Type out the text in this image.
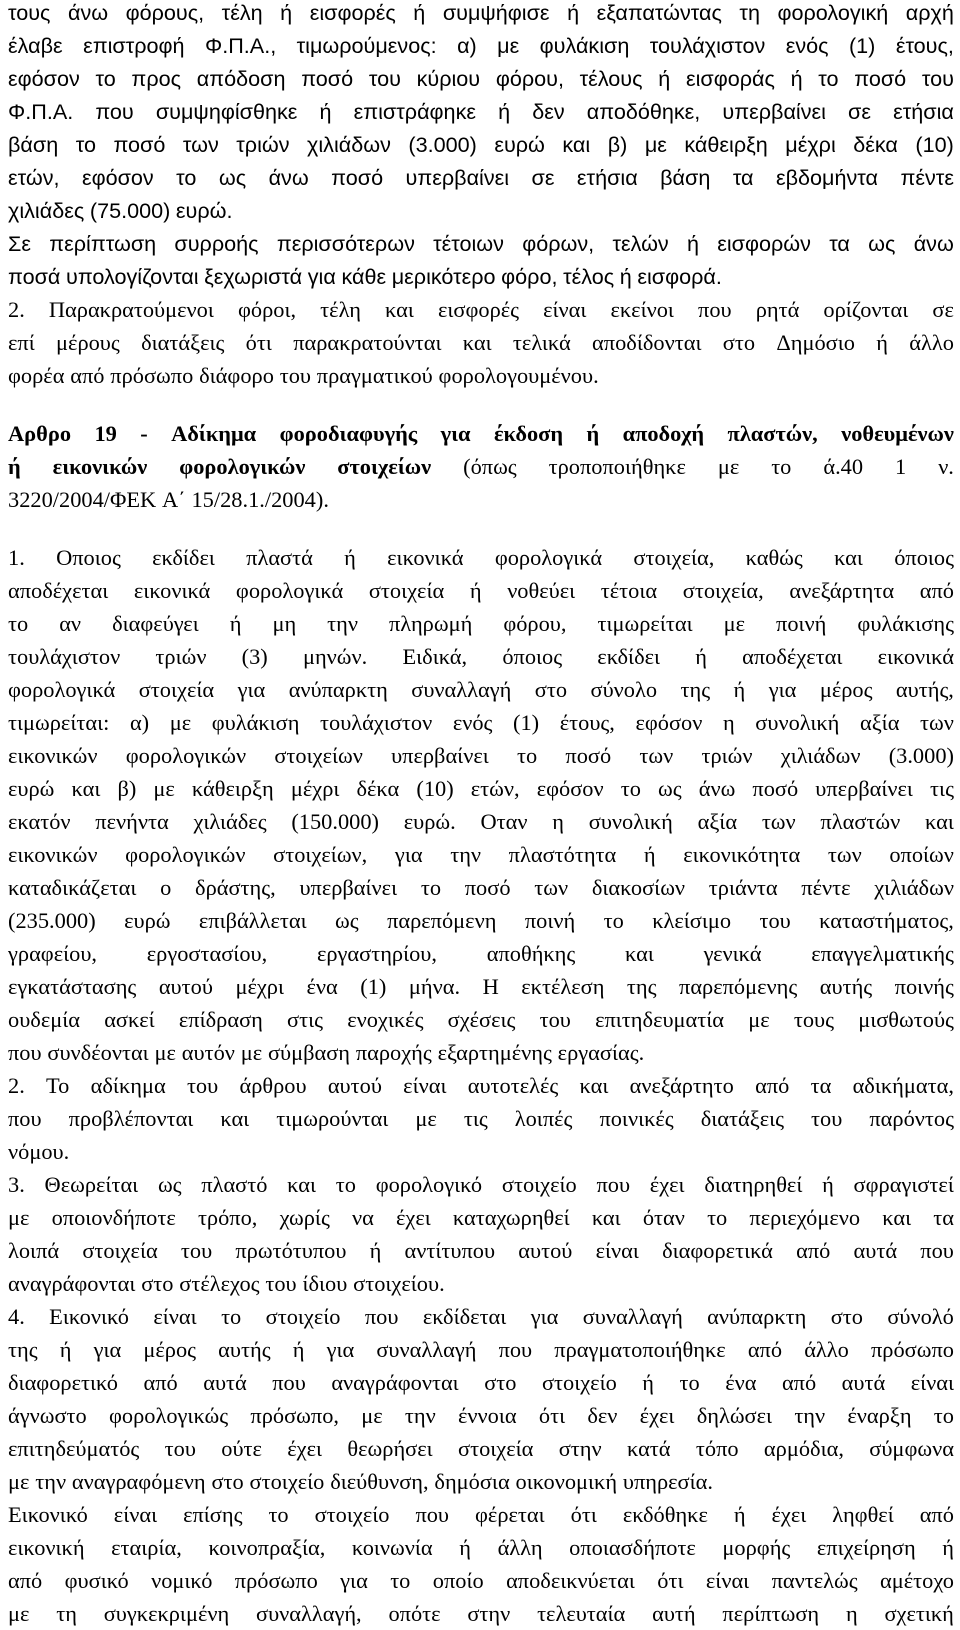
τους άνω φόρους, τέλη ή εισφορές ή συμψήφισε ή εξαπατώντας τη φορολογική αρχή
έλαβε επιστροφή Φ.Π.Α., τιμωρούμενος: α) με φυλάκιση τουλάχιστον ενός (1) έτους,
εφόσον το προς απόδοση ποσό του κύριου φόρου, τέλους ή εισφοράς ή το ποσό του
Φ.Π.Α. που συμψηφίσθηκε ή επιστράφηκε ή δεν αποδόθηκε, υπερβαίνει σε ετήσια
βάση το ποσό των τριών χιλιάδων (3.000) ευρώ και β) με κάθειρξη μέχρι δέκα (10)
ετών, εφόσον το ως άνω ποσό υπερβαίνει σε ετήσια βάση τα εβδομήντα πέντε
χιλιάδες (75.000) ευρώ.
Σε περίπτωση συρροής περισσότερων τέτοιων φόρων, τελών ή εισφορών τα ως άνω
ποσά υπολογίζονται ξεχωριστά για κάθε μερικότερο φόρο, τέλος ή εισφορά.
2. Παρακρατούμενοι φόροι, τέλη και εισφορές είναι εκείνοι που ρητά ορίζονται σε
επί μέρους διατάξεις ότι παρακρατούνται και τελικά αποδίδονται στο Δημόσιο ή άλλο
φορέα από πρόσωπο διάφορο του πραγματικού φορολογουμένου.
Αρθρο 19 - Αδίκημα φοροδιαφυγής για έκδοση ή αποδοχή πλαστών, νοθευμένων
ή εικονικών φορολογικών στοιχείων (όπως τροποποιήθηκε με το ά.40 1 ν.
3220/2004/ΦΕΚ Α΄ 15/28.1./2004).
1. Οποιος εκδίδει πλαστά ή εικονικά φορολογικά στοιχεία, καθώς και όποιος
αποδέχεται εικονικά φορολογικά στοιχεία ή νοθεύει τέτοια στοιχεία, ανεξάρτητα από
το αν διαφεύγει ή μη την πληρωμή φόρου, τιμωρείται με ποινή φυλάκισης
τουλάχιστον τριών (3) μηνών. Ειδικά, όποιος εκδίδει ή αποδέχεται εικονικά
φορολογικά στοιχεία για ανύπαρκτη συναλλαγή στο σύνολο της ή για μέρος αυτής,
τιμωρείται: α) με φυλάκιση τουλάχιστον ενός (1) έτους, εφόσον η συνολική αξία των
εικονικών φορολογικών στοιχείων υπερβαίνει το ποσό των τριών χιλιάδων (3.000)
ευρώ και β) με κάθειρξη μέχρι δέκα (10) ετών, εφόσον το ως άνω ποσό υπερβαίνει τις
εκατόν πενήντα χιλιάδες (150.000) ευρώ. Οταν η συνολική αξία των πλαστών και
εικονικών φορολογικών στοιχείων, για την πλαστότητα ή εικονικότητα των οποίων
καταδικάζεται ο δράστης, υπερβαίνει το ποσό των διακοσίων τριάντα πέντε χιλιάδων
(235.000) ευρώ επιβάλλεται ως παρεπόμενη ποινή το κλείσιμο του καταστήματος,
γραφείου, εργοστασίου, εργαστηρίου, αποθήκης και γενικά επαγγελματικής
εγκατάστασης αυτού μέχρι ένα (1) μήνα. Η εκτέλεση της παρεπόμενης αυτής ποινής
ουδεμία ασκεί επίδραση στις ενοχικές σχέσεις του επιτηδευματία με τους μισθωτούς
που συνδέονται με αυτόν με σύμβαση παροχής εξαρτημένης εργασίας.
2. Το αδίκημα του άρθρου αυτού είναι αυτοτελές και ανεξάρτητο από τα αδικήματα,
που προβλέπονται και τιμωρούνται με τις λοιπές ποινικές διατάξεις του παρόντος
νόμου.
3. Θεωρείται ως πλαστό και το φορολογικό στοιχείο που έχει διατηρηθεί ή σφραγιστεί
με οποιονδήποτε τρόπο, χωρίς να έχει καταχωρηθεί και όταν το περιεχόμενο και τα
λοιπά στοιχεία του πρωτότυπου ή αντίτυπου αυτού είναι διαφορετικά από αυτά που
αναγράφονται στο στέλεχος του ίδιου στοιχείου.
4. Εικονικό είναι το στοιχείο που εκδίδεται για συναλλαγή ανύπαρκτη στο σύνολό
της ή για μέρος αυτής ή για συναλλαγή που πραγματοποιήθηκε από άλλο πρόσωπο
διαφορετικό από αυτά που αναγράφονται στο στοιχείο ή το ένα από αυτά είναι
άγνωστο φορολογικώς πρόσωπο, με την έννοια ότι δεν έχει δηλώσει την έναρξη το
επιτηδεύματός του ούτε έχει θεωρήσει στοιχεία στην κατά τόπο αρμόδια, σύμφωνα
με την αναγραφόμενη στο στοιχείο διεύθυνση, δημόσια οικονομική υπηρεσία.
Εικονικό είναι επίσης το στοιχείο που φέρεται ότι εκδόθηκε ή έχει ληφθεί από
εικονική εταιρία, κοινοπραξία, κοινωνία ή άλλη οποιασδήποτε μορφής επιχείρηση ή
από φυσικό νομικό πρόσωπο για το οποίο αποδεικνύεται ότι είναι παντελώς αμέτοχο
με τη συγκεκριμένη συναλλαγή, οπότε στην τελευταία αυτή περίπτωση η σχετική
